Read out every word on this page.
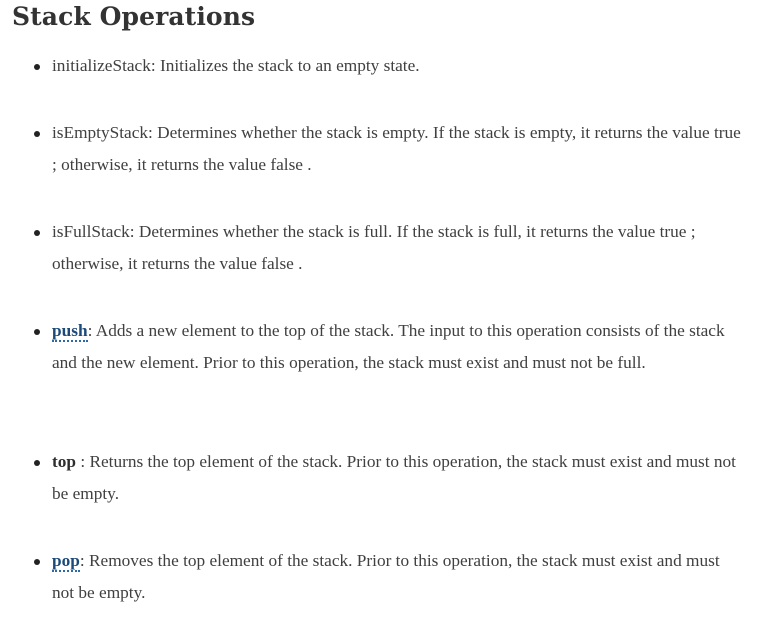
Stack Operations
initializeStack: Initializes the stack to an empty state.
isEmptyStack: Determines whether the stack is empty. If the stack is empty, it returns the value true ; otherwise, it returns the value false .
isFullStack: Determines whether the stack is full. If the stack is full, it returns the value true ; otherwise, it returns the value false .
push: Adds a new element to the top of the stack. The input to this operation consists of the stack and the new element. Prior to this operation, the stack must exist and must not be full.
top : Returns the top element of the stack. Prior to this operation, the stack must exist and must not be empty.
pop: Removes the top element of the stack. Prior to this operation, the stack must exist and must not be empty.
